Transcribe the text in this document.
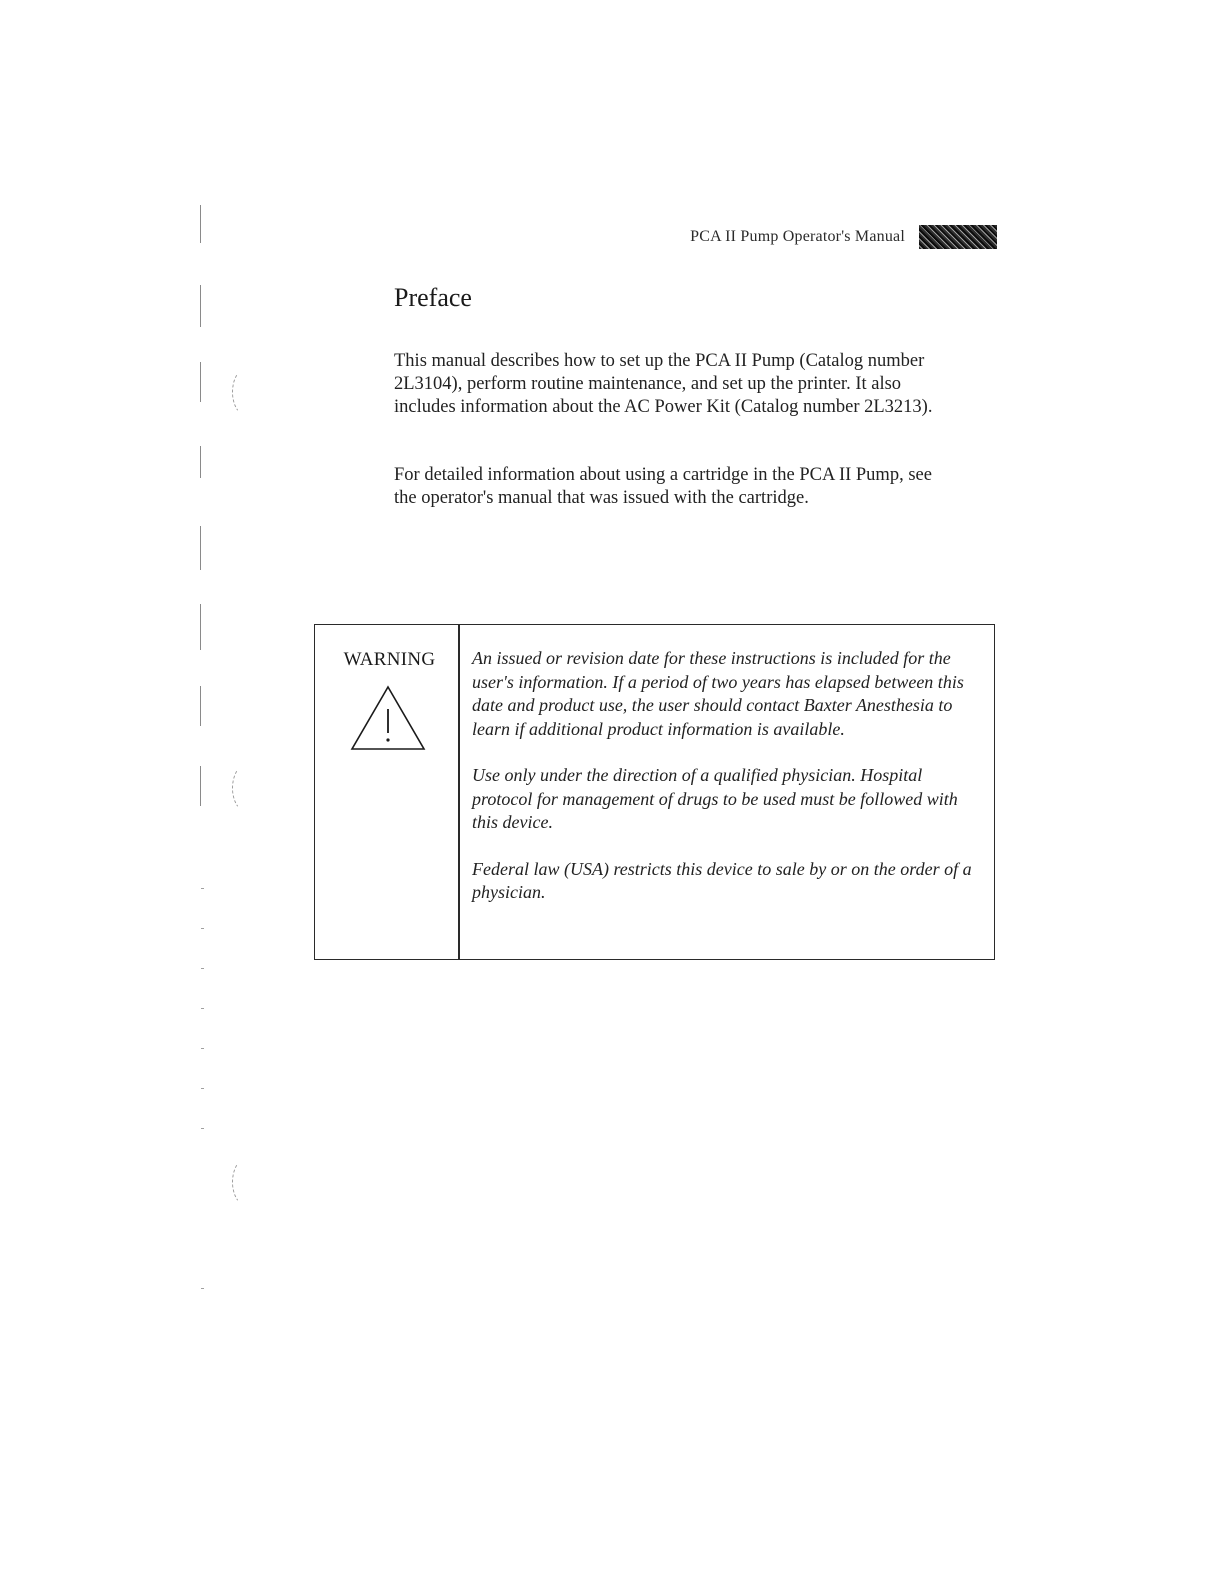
PCA II Pump Operator's Manual
Preface

This manual describes how to set up the PCA II Pump (Catalog number 2L3104), perform routine maintenance, and set up the printer. It also includes information about the AC Power Kit (Catalog number 2L3213).

For detailed information about using a cartridge in the PCA II Pump, see the operator's manual that was issued with the cartridge.

WARNING An issued or revision date for these instructions is included for the user's information. If a period of two years has elapsed between this date and product use, the user should contact Baxter Anesthesia to learn if additional product information is available.

Use only under the direction of a qualified physician. Hospital protocol for management of drugs to be used must be followed with this device.

Federal law (USA) restricts this device to sale by or on the order of a physician.
